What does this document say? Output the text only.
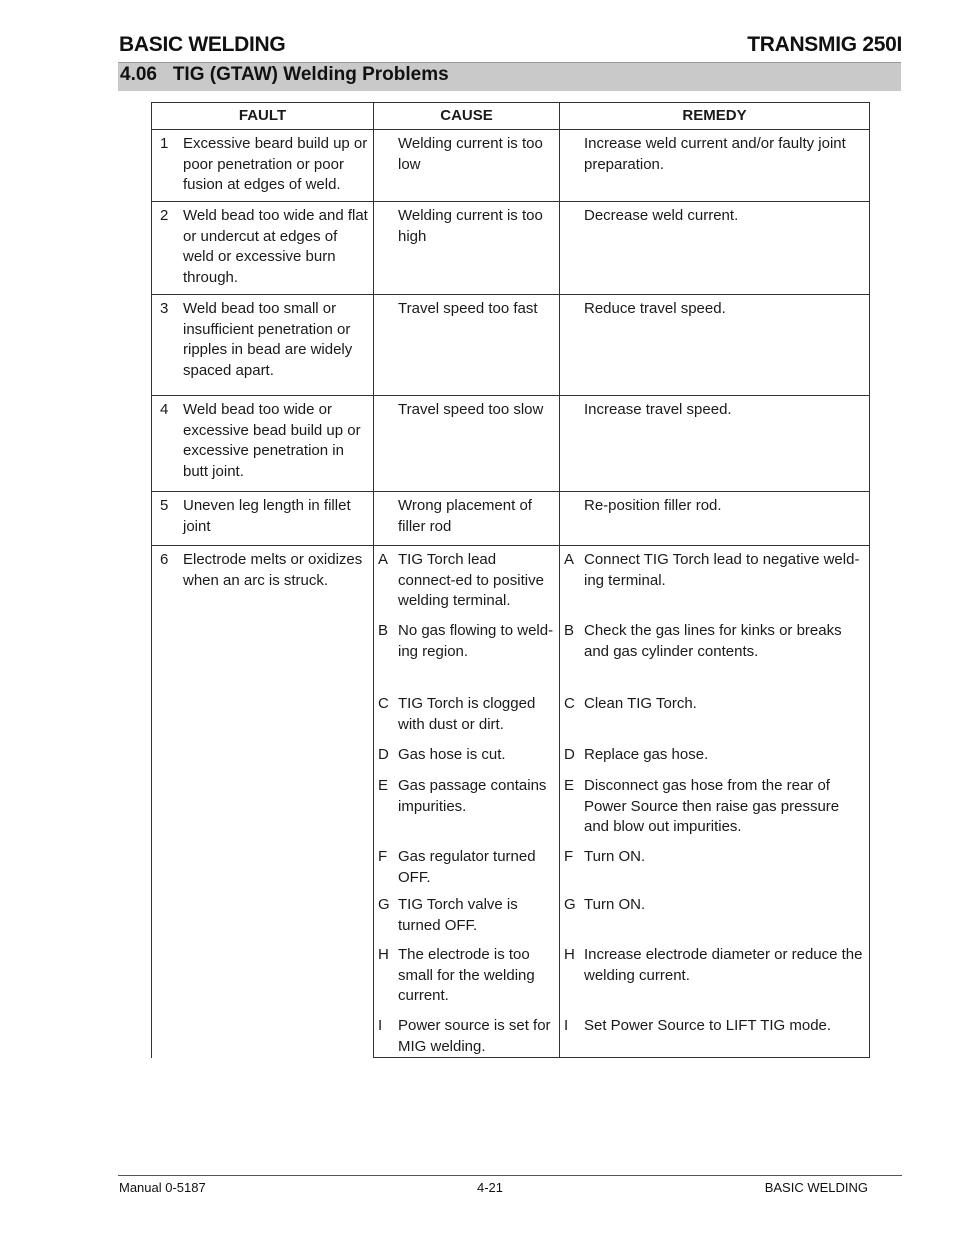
BASIC WELDING	TRANSMIG 250I
4.06   TIG (GTAW) Welding Problems
FAULT	CAUSE	REMEDY

1 Excessive beard build up or poor penetration or poor fusion at edges of weld.	Welding current is too low	Increase weld current and/or faulty joint preparation.

2 Weld bead too wide and flat or undercut at edges of weld or excessive burn through.	Welding current is too high	Decrease weld current.

3 Weld bead too small or insufficient penetration or ripples in bead are widely spaced apart.	Travel speed too fast	Reduce travel speed.

4 Weld bead too wide or excessive bead build up or excessive penetration in butt joint.	Travel speed too slow	Increase travel speed.

5 Uneven leg length in fillet joint	Wrong placement of filler rod	Re-position filler rod.

6 Electrode melts or oxidizes when an arc is struck.	A TIG Torch lead connect-ed to positive welding terminal.	A Connect TIG Torch lead to negative weld-ing terminal.

	B No gas flowing to weld-ing region.	B Check the gas lines for kinks or breaks and gas cylinder contents.

	C TIG Torch is clogged with dust or dirt.	C Clean TIG Torch.

	D Gas hose is cut.	D Replace gas hose.

	E Gas passage contains impurities.	E Disconnect gas hose from the rear of Power Source then raise gas pressure and blow out impurities.

	F Gas regulator turned OFF.	F Turn ON.

	G TIG Torch valve is turned OFF.	G Turn ON.

	H The electrode is too small for the welding current.	H Increase electrode diameter or reduce the welding current.

	I Power source is set for MIG welding.	I Set Power Source to LIFT TIG mode.
Manual 0-5187	4-21	BASIC WELDING
